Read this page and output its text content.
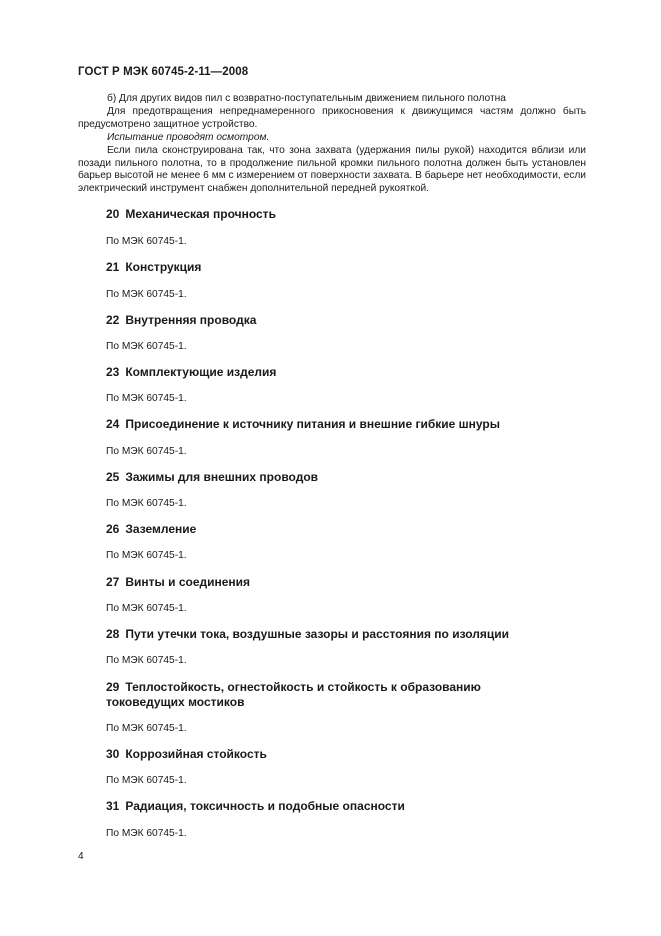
ГОСТ Р МЭК 60745-2-11—2008

б) Для других видов пил с возвратно-поступательным движением пильного полотна

Для предотвращения непреднамеренного прикосновения к движущимся частям должно быть предусмотрено защитное устройство.

Испытание проводят осмотром.

Если пила сконструирована так, что зона захвата (удержания пилы рукой) находится вблизи или позади пильного полотна, то в продолжение пильной кромки пильного полотна должен быть установлен барьер высотой не менее 6 мм с измерением от поверхности захвата. В барьере нет необходимости, если электрический инструмент снабжен дополнительной передней рукояткой.

20 Механическая прочность
По МЭК 60745-1.
21 Конструкция
По МЭК 60745-1.
22 Внутренняя проводка
По МЭК 60745-1.
23 Комплектующие изделия
По МЭК 60745-1.
24 Присоединение к источнику питания и внешние гибкие шнуры
По МЭК 60745-1.
25 Зажимы для внешних проводов
По МЭК 60745-1.
26 Заземление
По МЭК 60745-1.
27 Винты и соединения
По МЭК 60745-1.
28 Пути утечки тока, воздушные зазоры и расстояния по изоляции
По МЭК 60745-1.
29 Теплостойкость, огнестойкость и стойкость к образованию
токоведущих мостиков
По МЭК 60745-1.
30 Коррозийная стойкость
По МЭК 60745-1.
31 Радиация, токсичность и подобные опасности
По МЭК 60745-1.
4
